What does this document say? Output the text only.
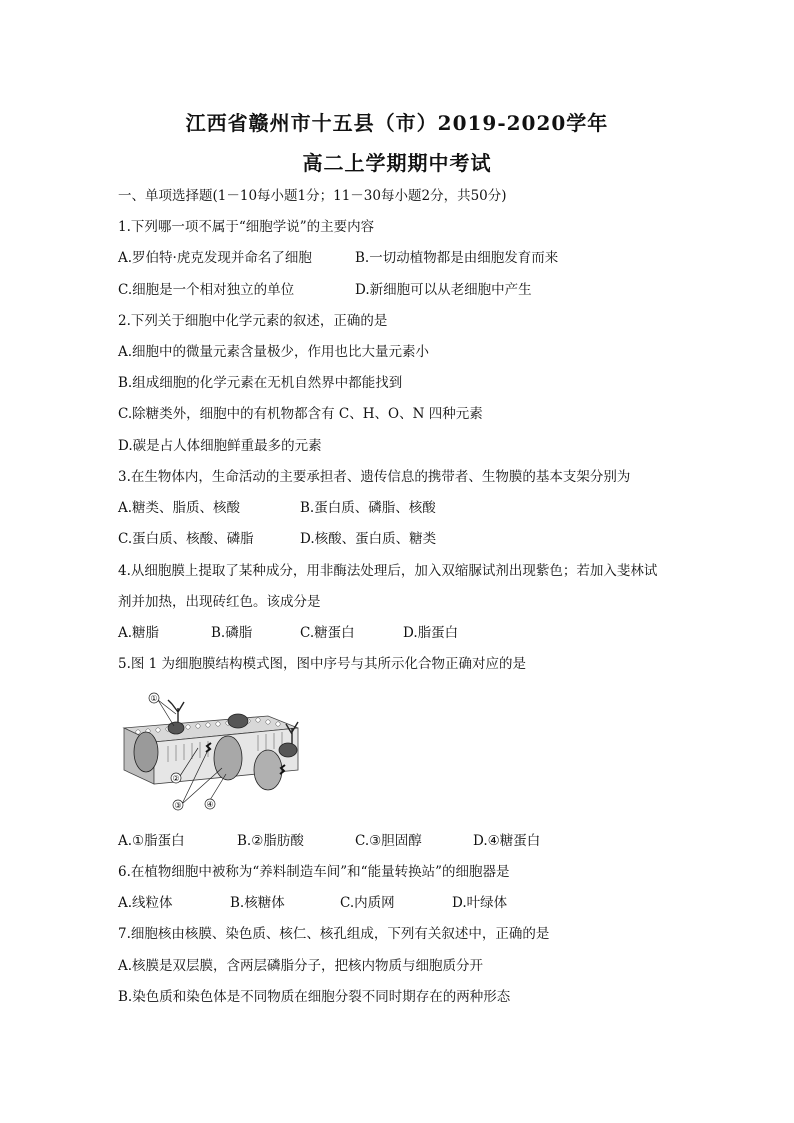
江西省赣州市十五县（市）2019-2020学年
高二上学期期中考试
一、单项选择题(1－10每小题1分；11－30每小题2分，共50分)
1.下列哪一项不属于“细胞学说”的主要内容
A.罗伯特·虎克发现并命名了细胞	B.一切动植物都是由细胞发育而来
C.细胞是一个相对独立的单位	D.新细胞可以从老细胞中产生
2.下列关于细胞中化学元素的叙述，正确的是
A.细胞中的微量元素含量极少，作用也比大量元素小
B.组成细胞的化学元素在无机自然界中都能找到
C.除糖类外，细胞中的有机物都含有 C、H、O、N 四种元素
D.碳是占人体细胞鲜重最多的元素
3.在生物体内，生命活动的主要承担者、遗传信息的携带者、生物膜的基本支架分别为
A.糖类、脂质、核酸	B.蛋白质、磷脂、核酸
C.蛋白质、核酸、磷脂	D.核酸、蛋白质、糖类
4.从细胞膜上提取了某种成分，用非酶法处理后，加入双缩脲试剂出现紫色；若加入斐林试
剂并加热，出现砖红色。该成分是
A.糖脂	B.磷脂	C.糖蛋白	D.脂蛋白
5.图 1 为细胞膜结构模式图，图中序号与其所示化合物正确对应的是
①
②
③	④
A.①脂蛋白	B.②脂肪酸	C.③胆固醇	D.④糖蛋白
6.在植物细胞中被称为“养料制造车间”和“能量转换站”的细胞器是
A.线粒体	B.核糖体	C.内质网	D.叶绿体
7.细胞核由核膜、染色质、核仁、核孔组成，下列有关叙述中，正确的是
A.核膜是双层膜，含两层磷脂分子，把核内物质与细胞质分开
B.染色质和染色体是不同物质在细胞分裂不同时期存在的两种形态
